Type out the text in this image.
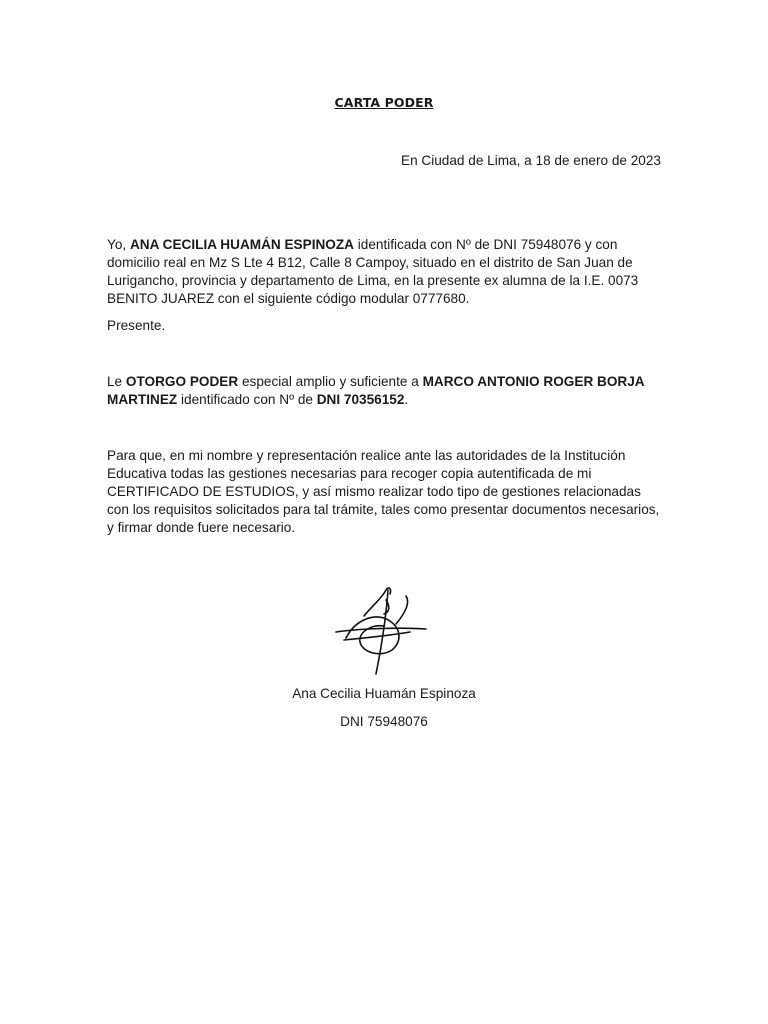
CARTA PODER
En Ciudad de Lima, a 18 de enero de 2023

Yo, ANA CECILIA HUAMÁN ESPINOZA identificada con Nº de DNI 75948076 y con domicilio real en Mz S Lte 4 B12, Calle 8 Campoy, situado en el distrito de San Juan de Lurigancho, provincia y departamento de Lima, en la presente ex alumna de la I.E. 0073 BENITO JUAREZ con el siguiente código modular 0777680.

Presente.

Le OTORGO PODER especial amplio y suficiente a MARCO ANTONIO ROGER BORJA MARTINEZ identificado con Nº de DNI 70356152.

Para que, en mi nombre y representación realice ante las autoridades de la Institución Educativa todas las gestiones necesarias para recoger copia autentificada de mi CERTIFICADO DE ESTUDIOS, y así mismo realizar todo tipo de gestiones relacionadas con los requisitos solicitados para tal trámite, tales como presentar documentos necesarios, y firmar donde fuere necesario.

Ana Cecilia Huamán Espinoza
DNI 75948076
